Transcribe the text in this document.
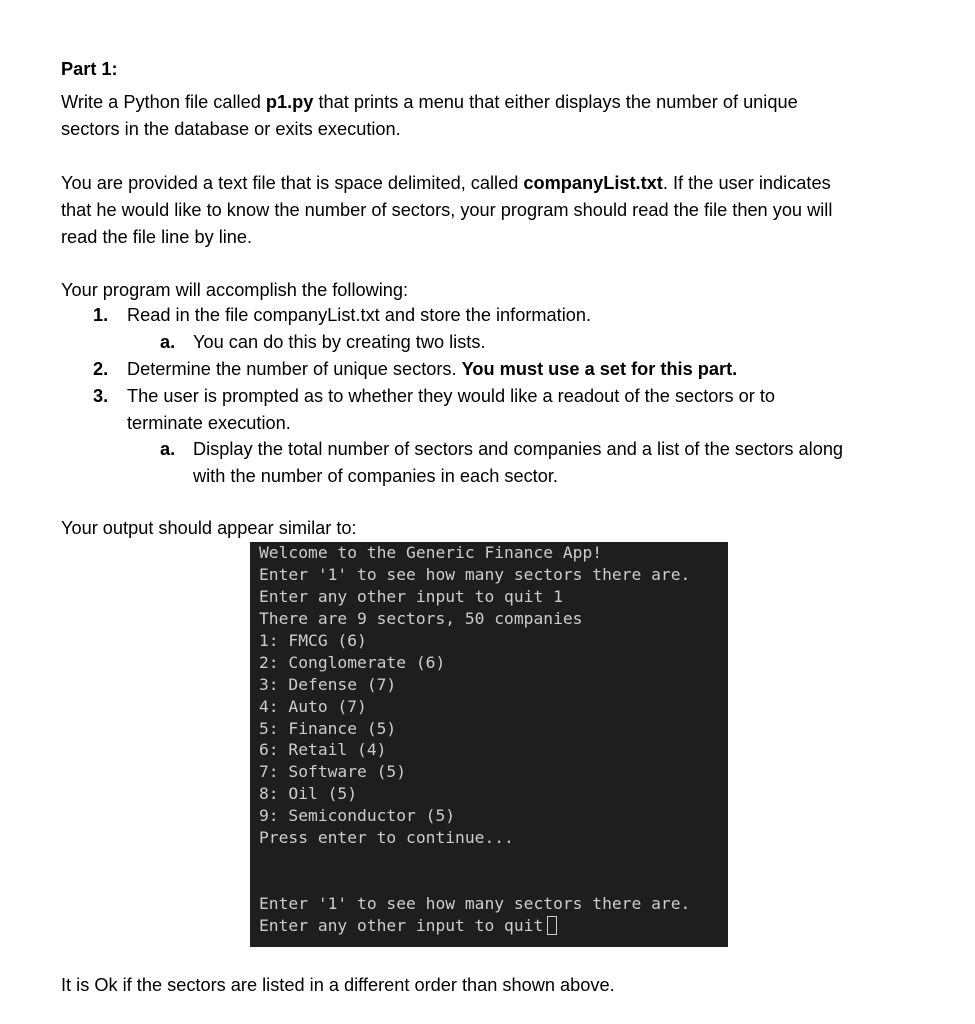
Part 1:
Write a Python file called p1.py that prints a menu that either displays the number of unique
sectors in the database or exits execution.
You are provided a text file that is space delimited, called companyList.txt. If the user indicates
that he would like to know the number of sectors, your program should read the file then you will
read the file line by line.
Your program will accomplish the following:
1. Read in the file companyList.txt and store the information.
a. You can do this by creating two lists.
2. Determine the number of unique sectors. You must use a set for this part.
3. The user is prompted as to whether they would like a readout of the sectors or to
terminate execution.
a. Display the total number of sectors and companies and a list of the sectors along
with the number of companies in each sector.
Your output should appear similar to:
Welcome to the Generic Finance App!
Enter '1' to see how many sectors there are.
Enter any other input to quit 1
There are 9 sectors, 50 companies
1: FMCG (6)
2: Conglomerate (6)
3: Defense (7)
4: Auto (7)
5: Finance (5)
6: Retail (4)
7: Software (5)
8: Oil (5)
9: Semiconductor (5)
Press enter to continue...
Enter '1' to see how many sectors there are.
Enter any other input to quit
It is Ok if the sectors are listed in a different order than shown above.
